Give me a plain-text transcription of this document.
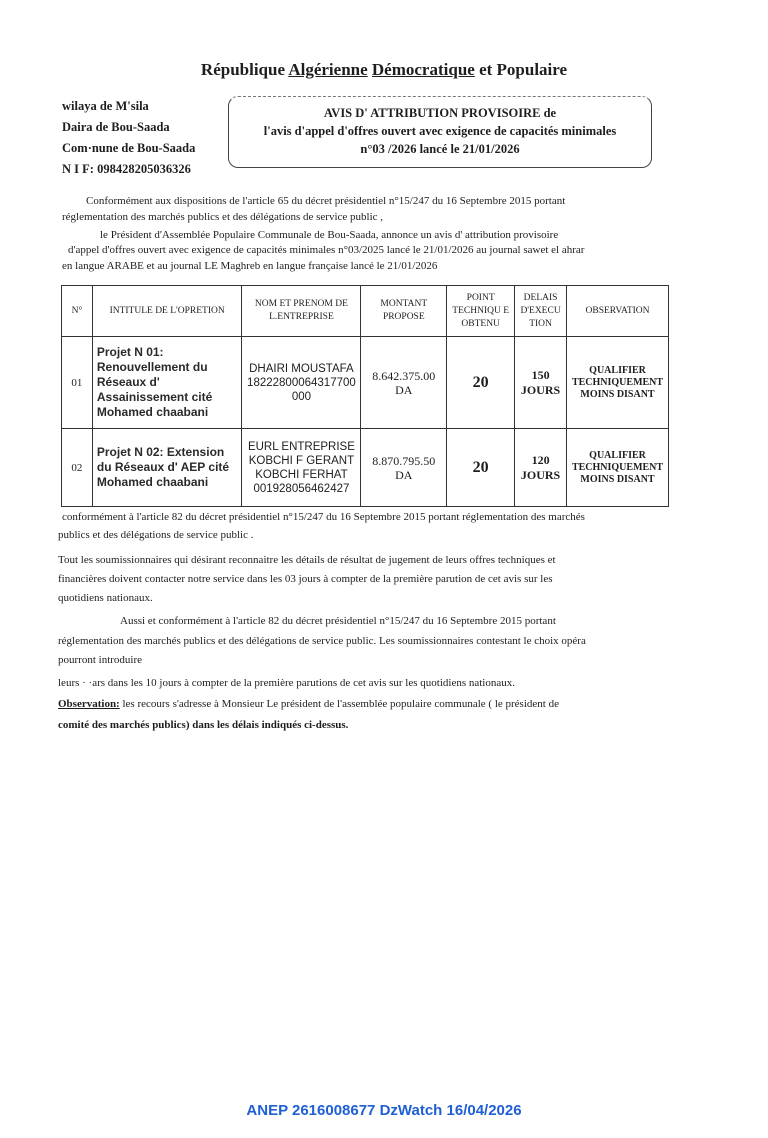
République Algérienne Démocratique et Populaire
wilaya de M'sila
Daira de Bou-Saada
Com·nune de Bou-Saada
N I F: 098428205036326
AVIS D' ATTRIBUTION PROVISOIRE de
l'avis d'appel d'offres ouvert avec exigence de capacités minimales
n°03 /2026 lancé le 21/01/2026
Conformément aux dispositions de l'article 65 du décret présidentiel n°15/247 du 16 Septembre 2015 portant
réglementation des marchés publics et des délégations de service public ,
le Président d'Assemblée Populaire Communale de Bou-Saada, annonce un avis d' attribution provisoire
d'appel d'offres ouvert avec exigence de capacités minimales n°03/2025 lancé le 21/01/2026 au journal sawet el ahrar
en langue ARABE et au journal LE Maghreb en langue française lancé le 21/01/2026
N°	INTITULE DE L'OPRETION	NOM ET PRENOM DE L.ENTREPRISE	MONTANT PROPOSE	POINT TECHNIQU E OBTENU	DELAIS D'EXECU TION	OBSERVATION
01	Projet N 01: Renouvellement du Réseaux d' Assainissement cité Mohamed chaabani	DHAIRI MOUSTAFA 18222800064317700 000	8.642.375.00 DA	20	150 JOURS	QUALIFIER TECHNIQUEMENT MOINS DISANT
02	Projet N 02: Extension du Réseaux d' AEP cité Mohamed chaabani	EURL ENTREPRISE KOBCHI F GERANT KOBCHI FERHAT 001928056462427	8.870.795.50 DA	20	120 JOURS	QUALIFIER TECHNIQUEMENT MOINS DISANT
conformément à l'article 82 du décret présidentiel n°15/247 du 16 Septembre 2015 portant réglementation des marchés
publics et des délégations de service public .
Tout les soumissionnaires qui désirant reconnaitre les détails de résultat de jugement de leurs offres techniques et
financières doivent contacter notre service dans les 03 jours à compter de la première parution de cet avis sur les
quotidiens nationaux.
Aussi et conformément à l'article 82 du décret présidentiel n°15/247 du 16 Septembre 2015 portant
réglementation des marchés publics et des délégations de service public. Les soumissionnaires contestant le choix opéra
pourront introduire
leurs · ·ars dans les 10 jours à compter de la première parutions de cet avis sur les quotidiens nationaux.
Observation: les recours s'adresse à Monsieur Le président de l'assemblée populaire communale ( le président de
comité des marchés publics) dans les délais indiqués ci-dessus.
ANEP 2616008677 DzWatch 16/04/2026
